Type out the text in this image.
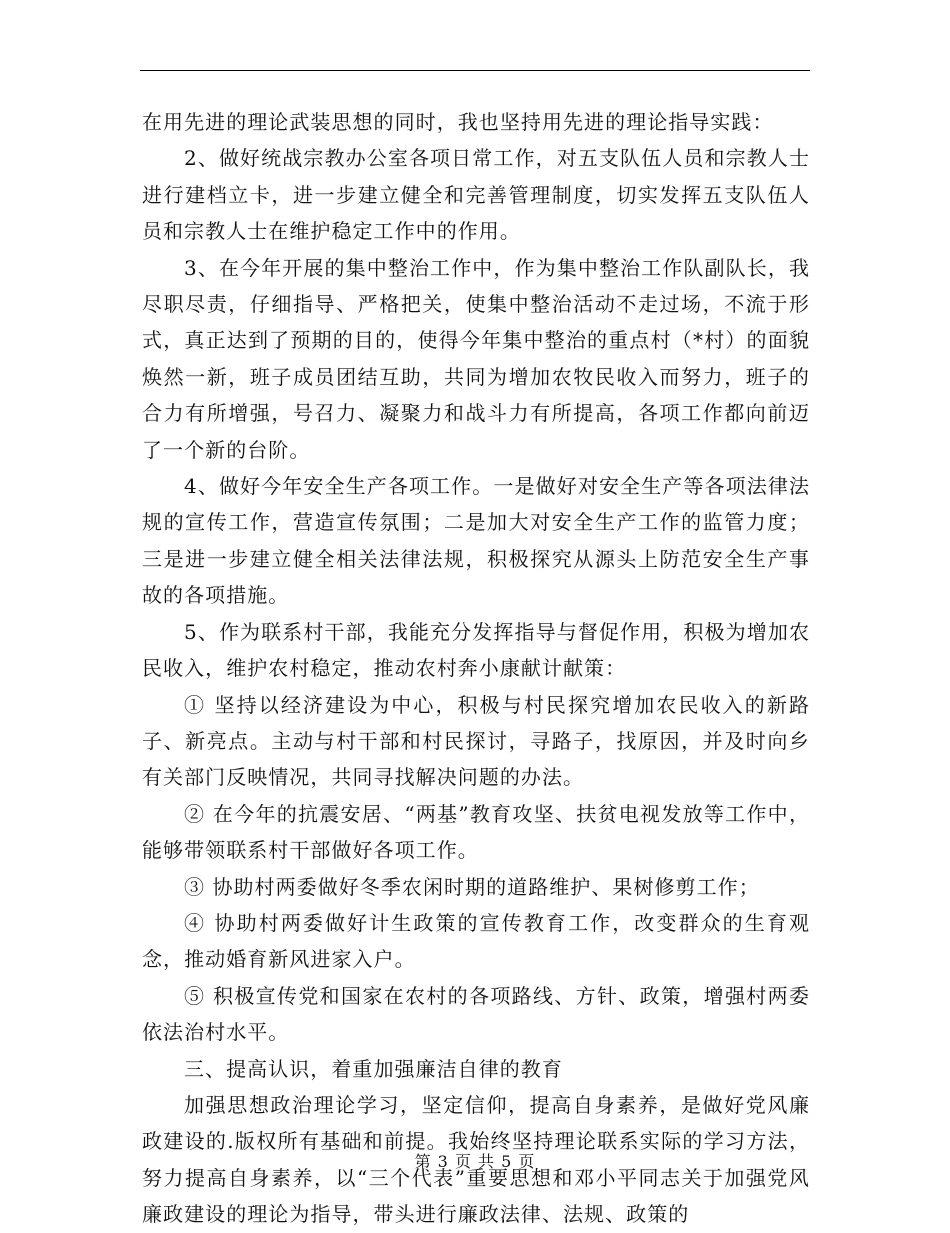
在用先进的理论武装思想的同时，我也坚持用先进的理论指导实践：

2、做好统战宗教办公室各项日常工作，对五支队伍人员和宗教人士进行建档立卡，进一步建立健全和完善管理制度，切实发挥五支队伍人员和宗教人士在维护稳定工作中的作用。

3、在今年开展的集中整治工作中，作为集中整治工作队副队长，我尽职尽责，仔细指导、严格把关，使集中整治活动不走过场，不流于形式，真正达到了预期的目的，使得今年集中整治的重点村（*村）的面貌焕然一新，班子成员团结互助，共同为增加农牧民收入而努力，班子的合力有所增强，号召力、凝聚力和战斗力有所提高，各项工作都向前迈了一个新的台阶。

4、做好今年安全生产各项工作。一是做好对安全生产等各项法律法规的宣传工作，营造宣传氛围；二是加大对安全生产工作的监管力度；三是进一步建立健全相关法律法规，积极探究从源头上防范安全生产事故的各项措施。

5、作为联系村干部，我能充分发挥指导与督促作用，积极为增加农民收入，维护农村稳定，推动农村奔小康献计献策：

① 坚持以经济建设为中心，积极与村民探究增加农民收入的新路子、新亮点。主动与村干部和村民探讨，寻路子，找原因，并及时向乡有关部门反映情况，共同寻找解决问题的办法。

② 在今年的抗震安居、“两基”教育攻坚、扶贫电视发放等工作中，能够带领联系村干部做好各项工作。

③ 协助村两委做好冬季农闲时期的道路维护、果树修剪工作；

④ 协助村两委做好计生政策的宣传教育工作，改变群众的生育观念，推动婚育新风进家入户。

⑤ 积极宣传党和国家在农村的各项路线、方针、政策，增强村两委依法治村水平。

三、提高认识，着重加强廉洁自律的教育

加强思想政治理论学习，坚定信仰，提高自身素养，是做好党风廉政建设的.版权所有基础和前提。我始终坚持理论联系实际的学习方法，努力提高自身素养，以“三个代表”重要思想和邓小平同志关于加强党风廉政建设的理论为指导，带头进行廉政法律、法规、政策的

第 3 页 共 5 页
